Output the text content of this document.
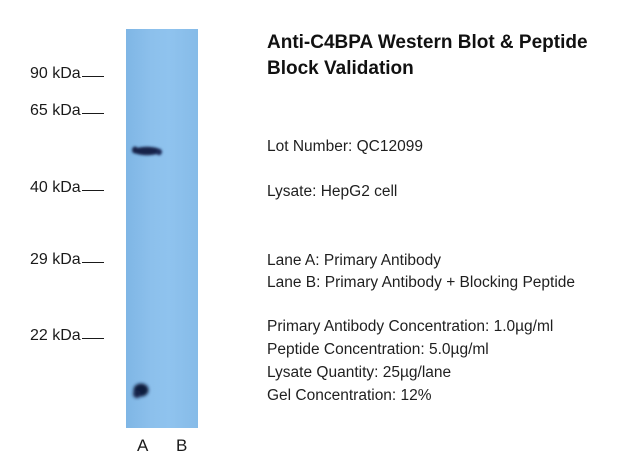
90 kDa
65 kDa
40 kDa
29 kDa
22 kDa
A B
Anti-C4BPA Western Blot & Peptide Block Validation
Lot Number: QC12099
Lysate: HepG2 cell
Lane A: Primary Antibody
Lane B: Primary Antibody + Blocking Peptide
Primary Antibody Concentration: 1.0µg/ml
Peptide Concentration: 5.0µg/ml
Lysate Quantity: 25µg/lane
Gel Concentration: 12%
